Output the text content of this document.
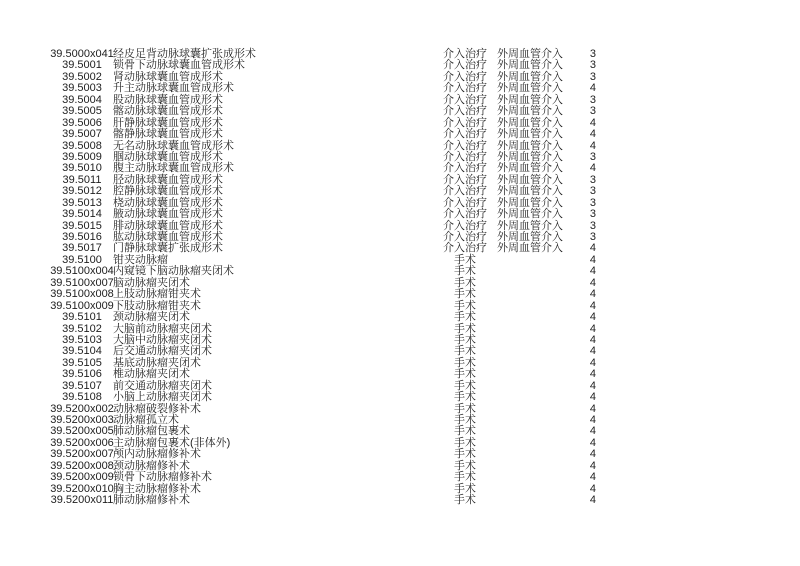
39.5000x041 经皮足背动脉球囊扩张成形术	介入治疗 外周血管介入	3
39.5001	锁骨下动脉球囊血管成形术	介入治疗 外周血管介入	3
39.5002	肾动脉球囊血管成形术	介入治疗 外周血管介入	3
39.5003	升主动脉球囊血管成形术	介入治疗 外周血管介入	4
39.5004	股动脉球囊血管成形术	介入治疗 外周血管介入	3
39.5005	髂动脉球囊血管成形术	介入治疗 外周血管介入	3
39.5006	肝静脉球囊血管成形术	介入治疗 外周血管介入	4
39.5007	髂静脉球囊血管成形术	介入治疗 外周血管介入	4
39.5008	无名动脉球囊血管成形术	介入治疗 外周血管介入	4
39.5009	腘动脉球囊血管成形术	介入治疗 外周血管介入	3
39.5010	腹主动脉球囊血管成形术	介入治疗 外周血管介入	4
39.5011	胫动脉球囊血管成形术	介入治疗 外周血管介入	3
39.5012	腔静脉球囊血管成形术	介入治疗 外周血管介入	3
39.5013	桡动脉球囊血管成形术	介入治疗 外周血管介入	3
39.5014	腋动脉球囊血管成形术	介入治疗 外周血管介入	3
39.5015	腓动脉球囊血管成形术	介入治疗 外周血管介入	3
39.5016	肱动脉球囊血管成形术	介入治疗 外周血管介入	3
39.5017	门静脉球囊扩张成形术	介入治疗 外周血管介入	4
39.5100	钳夹动脉瘤	手术	4
39.5100x004 内窥镜下脑动脉瘤夹闭术	手术	4
39.5100x007 脑动脉瘤夹闭术	手术	4
39.5100x008 上肢动脉瘤钳夹术	手术	4
39.5100x009 下肢动脉瘤钳夹术	手术	4
39.5101	颈动脉瘤夹闭术	手术	4
39.5102	大脑前动脉瘤夹闭术	手术	4
39.5103	大脑中动脉瘤夹闭术	手术	4
39.5104	后交通动脉瘤夹闭术	手术	4
39.5105	基底动脉瘤夹闭术	手术	4
39.5106	椎动脉瘤夹闭术	手术	4
39.5107	前交通动脉瘤夹闭术	手术	4
39.5108	小脑上动脉瘤夹闭术	手术	4
39.5200x002 动脉瘤破裂修补术	手术	4
39.5200x003 动脉瘤孤立术	手术	4
39.5200x005 肺动脉瘤包裹术	手术	4
39.5200x006 主动脉瘤包裹术(非体外)	手术	4
39.5200x007 颅内动脉瘤修补术	手术	4
39.5200x008 颈动脉瘤修补术	手术	4
39.5200x009 锁骨下动脉瘤修补术	手术	4
39.5200x010 胸主动脉瘤修补术	手术	4
39.5200x011 肺动脉瘤修补术	手术	4
